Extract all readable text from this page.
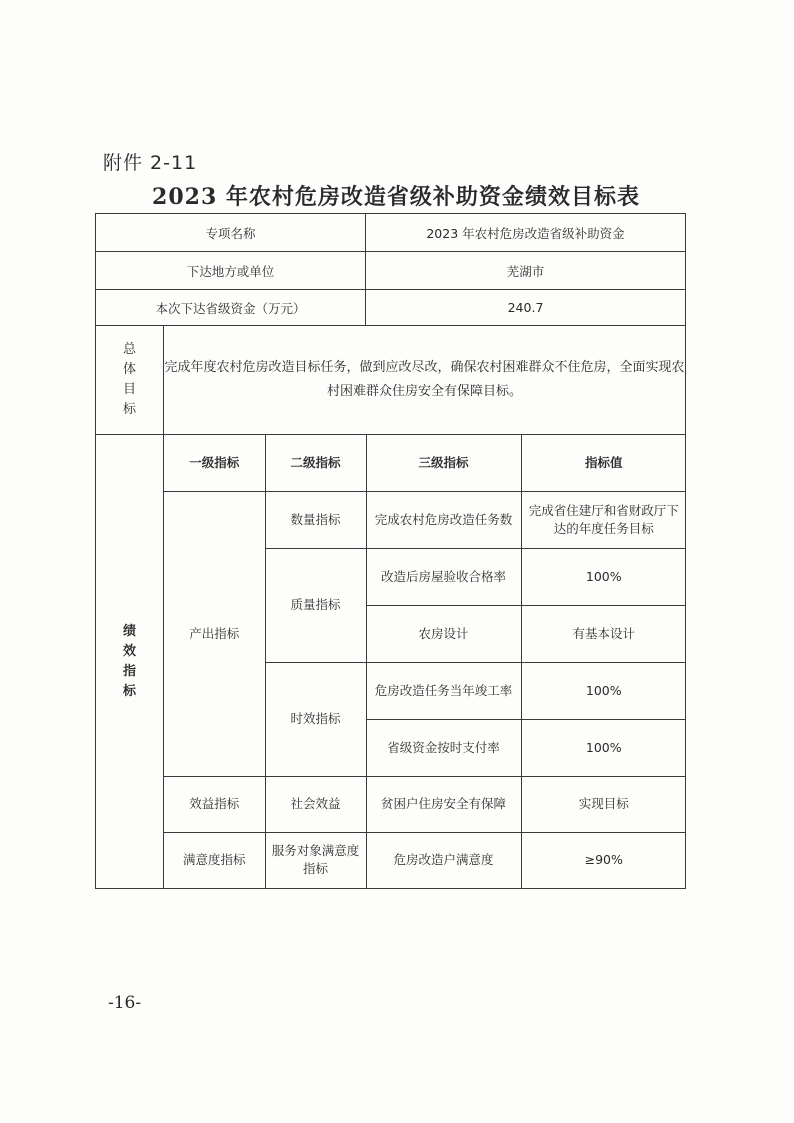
附件 2-11
2023 年农村危房改造省级补助资金绩效目标表
专项名称	2023 年农村危房改造省级补助资金
下达地方或单位	芜湖市
本次下达省级资金（万元）	240.7

总
体
目
标
	完成年度农村危房改造目标任务，做到应改尽改，确保农村困难群众不住危房，全面实现农村困难群众住房安全有保障目标。

绩
效
指
标

一级指标	二级指标	三级指标	指标值
产出指标	数量指标	完成农村危房改造任务数	完成省住建厅和省财政厅下达的年度任务目标
质量指标	改造后房屋验收合格率	100%
农房设计	有基本设计
时效指标	危房改造任务当年竣工率	100%
省级资金按时支付率	100%
效益指标	社会效益	贫困户住房安全有保障	实现目标
满意度指标	服务对象满意度指标	危房改造户满意度	≥90%
-16-
